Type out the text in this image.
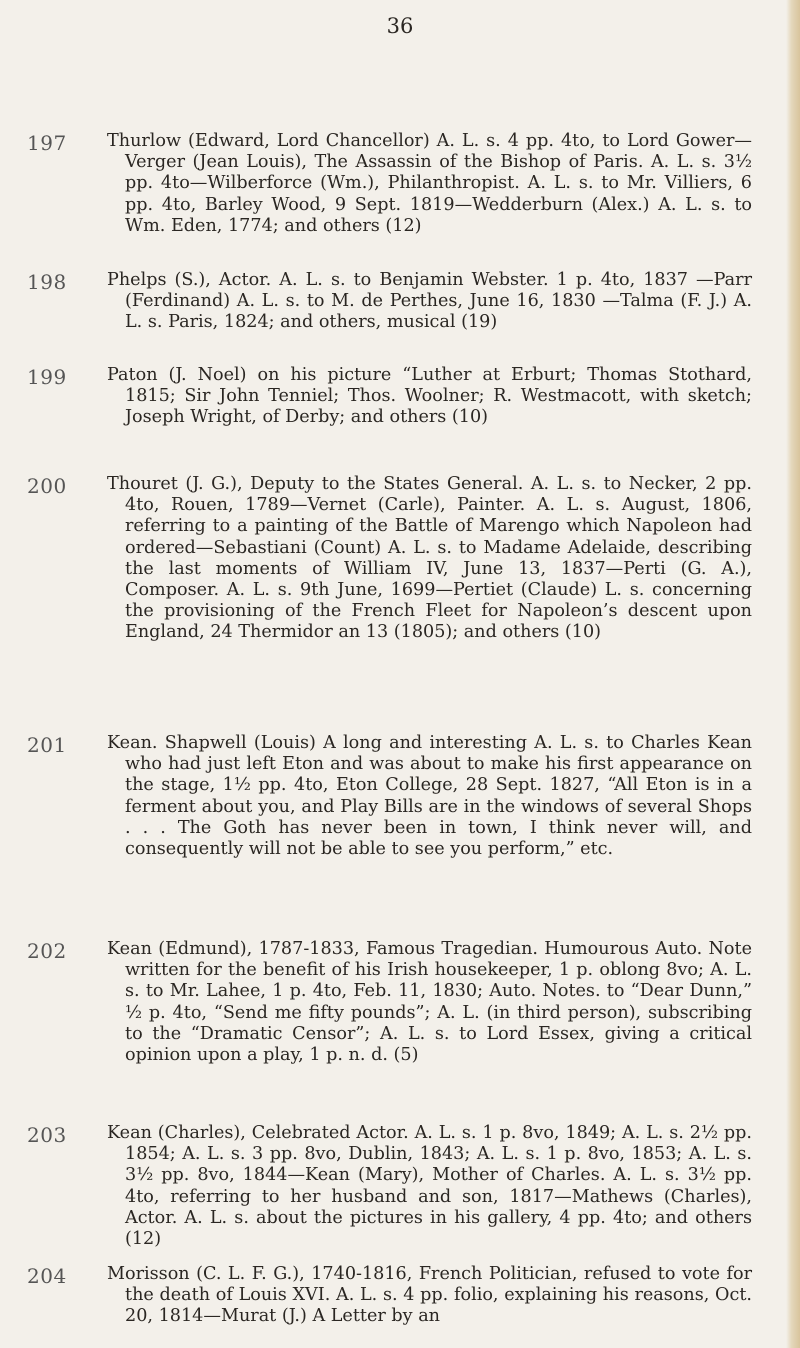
36
197	Thurlow (Edward, Lord Chancellor) A. L. s. 4 pp. 4to, to Lord Gower—Verger (Jean Louis), The Assassin of the Bishop of Paris. A. L. s. 3½ pp. 4to—Wilberforce (Wm.), Philanthropist. A. L. s. to Mr. Villiers, 6 pp. 4to, Barley Wood, 9 Sept. 1819—Wedderburn (Alex.) A. L. s. to Wm. Eden, 1774; and others (12)
198	Phelps (S.), Actor. A. L. s. to Benjamin Webster. 1 p. 4to, 1837 —Parr (Ferdinand) A. L. s. to M. de Perthes, June 16, 1830 —Talma (F. J.) A. L. s. Paris, 1824; and others, musical (19)
199	Paton (J. Noel) on his picture “Luther at Erburt; Thomas Stothard, 1815; Sir John Tenniel; Thos. Woolner; R. Westmacott, with sketch; Joseph Wright, of Derby; and others (10)
200	Thouret (J. G.), Deputy to the States General. A. L. s. to Necker, 2 pp. 4to, Rouen, 1789—Vernet (Carle), Painter. A. L. s. August, 1806, referring to a painting of the Battle of Marengo which Napoleon had ordered—Sebastiani (Count) A. L. s. to Madame Adelaide, describing the last moments of William IV, June 13, 1837—Perti (G. A.), Composer. A. L. s. 9th June, 1699—Pertiet (Claude) L. s. concerning the provisioning of the French Fleet for Napoleon’s descent upon England, 24 Thermidor an 13 (1805); and others (10)
201	Kean. Shapwell (Louis) A long and interesting A. L. s. to Charles Kean who had just left Eton and was about to make his first appearance on the stage, 1½ pp. 4to, Eton College, 28 Sept. 1827, “All Eton is in a ferment about you, and Play Bills are in the windows of several Shops . . . The Goth has never been in town, I think never will, and consequently will not be able to see you perform,” etc.
202	Kean (Edmund), 1787-1833, Famous Tragedian. Humourous Auto. Note written for the benefit of his Irish housekeeper, 1 p. oblong 8vo; A. L. s. to Mr. Lahee, 1 p. 4to, Feb. 11, 1830; Auto. Notes. to “Dear Dunn,” ½ p. 4to, “Send me fifty pounds”; A. L. (in third person), subscribing to the “Dramatic Censor”; A. L. s. to Lord Essex, giving a critical opinion upon a play, 1 p. n. d. (5)
203	Kean (Charles), Celebrated Actor. A. L. s. 1 p. 8vo, 1849; A. L. s. 2½ pp. 1854; A. L. s. 3 pp. 8vo, Dublin, 1843; A. L. s. 1 p. 8vo, 1853; A. L. s. 3½ pp. 8vo, 1844—Kean (Mary), Mother of Charles. A. L. s. 3½ pp. 4to, referring to her husband and son, 1817—Mathews (Charles), Actor. A. L. s. about the pictures in his gallery, 4 pp. 4to; and others (12)
204	Morisson (C. L. F. G.), 1740-1816, French Politician, refused to vote for the death of Louis XVI. A. L. s. 4 pp. folio, explaining his reasons, Oct. 20, 1814—Murat (J.) A Letter by an
